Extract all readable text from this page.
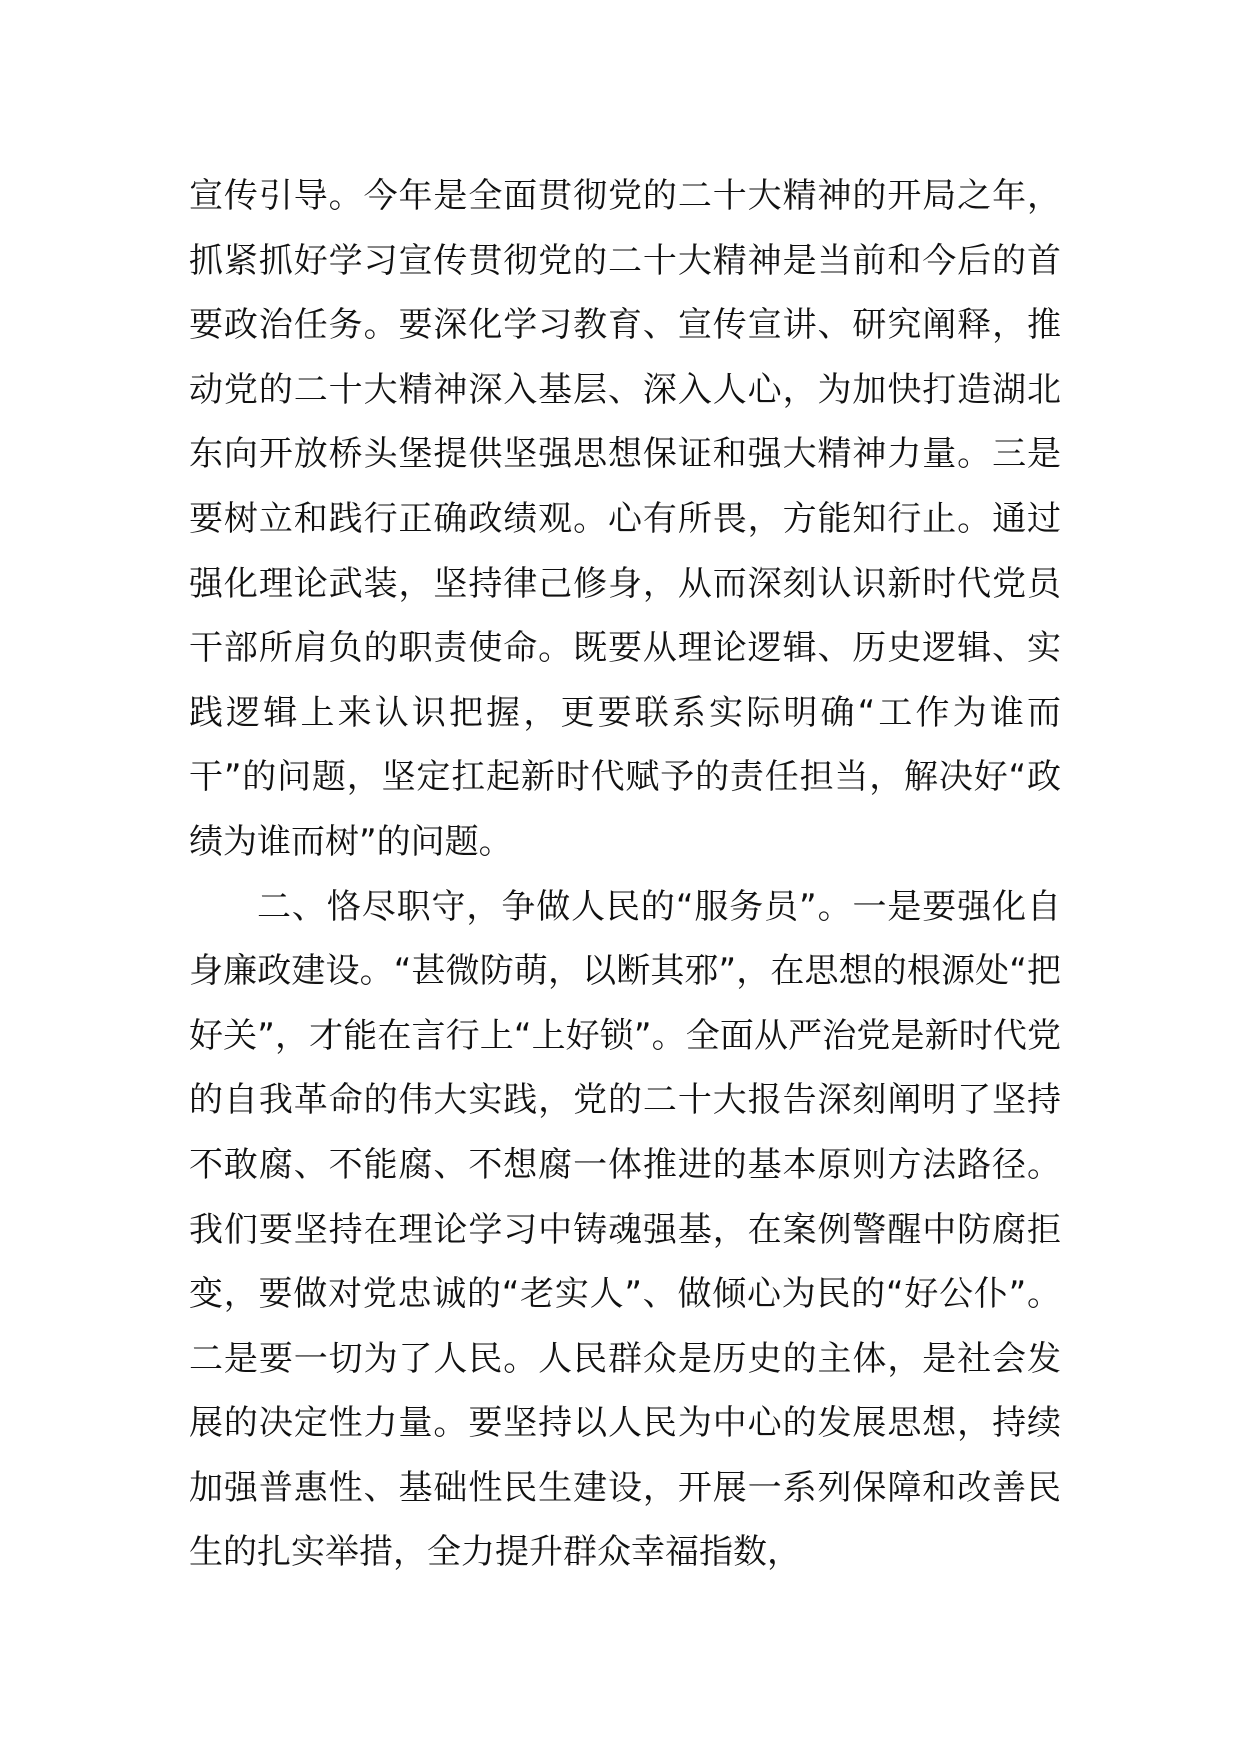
宣传引导。今年是全面贯彻党的二十大精神的开局之年，抓紧抓好学习宣传贯彻党的二十大精神是当前和今后的首要政治任务。要深化学习教育、宣传宣讲、研究阐释，推动党的二十大精神深入基层、深入人心，为加快打造湖北东向开放桥头堡提供坚强思想保证和强大精神力量。三是要树立和践行正确政绩观。心有所畏，方能知行止。通过强化理论武装，坚持律己修身，从而深刻认识新时代党员干部所肩负的职责使命。既要从理论逻辑、历史逻辑、实践逻辑上来认识把握，更要联系实际明确“工作为谁而干”的问题，坚定扛起新时代赋予的责任担当，解决好“政绩为谁而树”的问题。

二、恪尽职守，争做人民的“服务员”。一是要强化自身廉政建设。“甚微防萌，以断其邪”，在思想的根源处“把好关”，才能在言行上“上好锁”。全面从严治党是新时代党的自我革命的伟大实践，党的二十大报告深刻阐明了坚持不敢腐、不能腐、不想腐一体推进的基本原则方法路径。我们要坚持在理论学习中铸魂强基，在案例警醒中防腐拒变，要做对党忠诚的“老实人”、做倾心为民的“好公仆”。二是要一切为了人民。人民群众是历史的主体，是社会发展的决定性力量。要坚持以人民为中心的发展思想，持续加强普惠性、基础性民生建设，开展一系列保障和改善民生的扎实举措，全力提升群众幸福指数，
